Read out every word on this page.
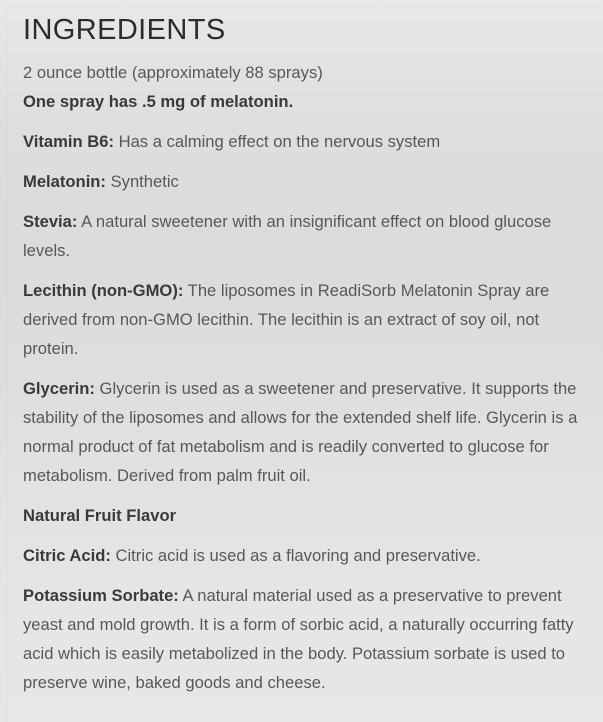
INGREDIENTS

2 ounce bottle (approximately 88 sprays)
One spray has .5 mg of melatonin.

Vitamin B6: Has a calming effect on the nervous system

Melatonin: Synthetic

Stevia: A natural sweetener with an insignificant effect on blood glucose levels.

Lecithin (non-GMO): The liposomes in ReadiSorb Melatonin Spray are derived from non-GMO lecithin. The lecithin is an extract of soy oil, not protein.

Glycerin: Glycerin is used as a sweetener and preservative. It supports the stability of the liposomes and allows for the extended shelf life. Glycerin is a normal product of fat metabolism and is readily converted to glucose for metabolism. Derived from palm fruit oil.

Natural Fruit Flavor

Citric Acid: Citric acid is used as a flavoring and preservative.

Potassium Sorbate: A natural material used as a preservative to prevent yeast and mold growth. It is a form of sorbic acid, a naturally occurring fatty acid which is easily metabolized in the body. Potassium sorbate is used to preserve wine, baked goods and cheese.
